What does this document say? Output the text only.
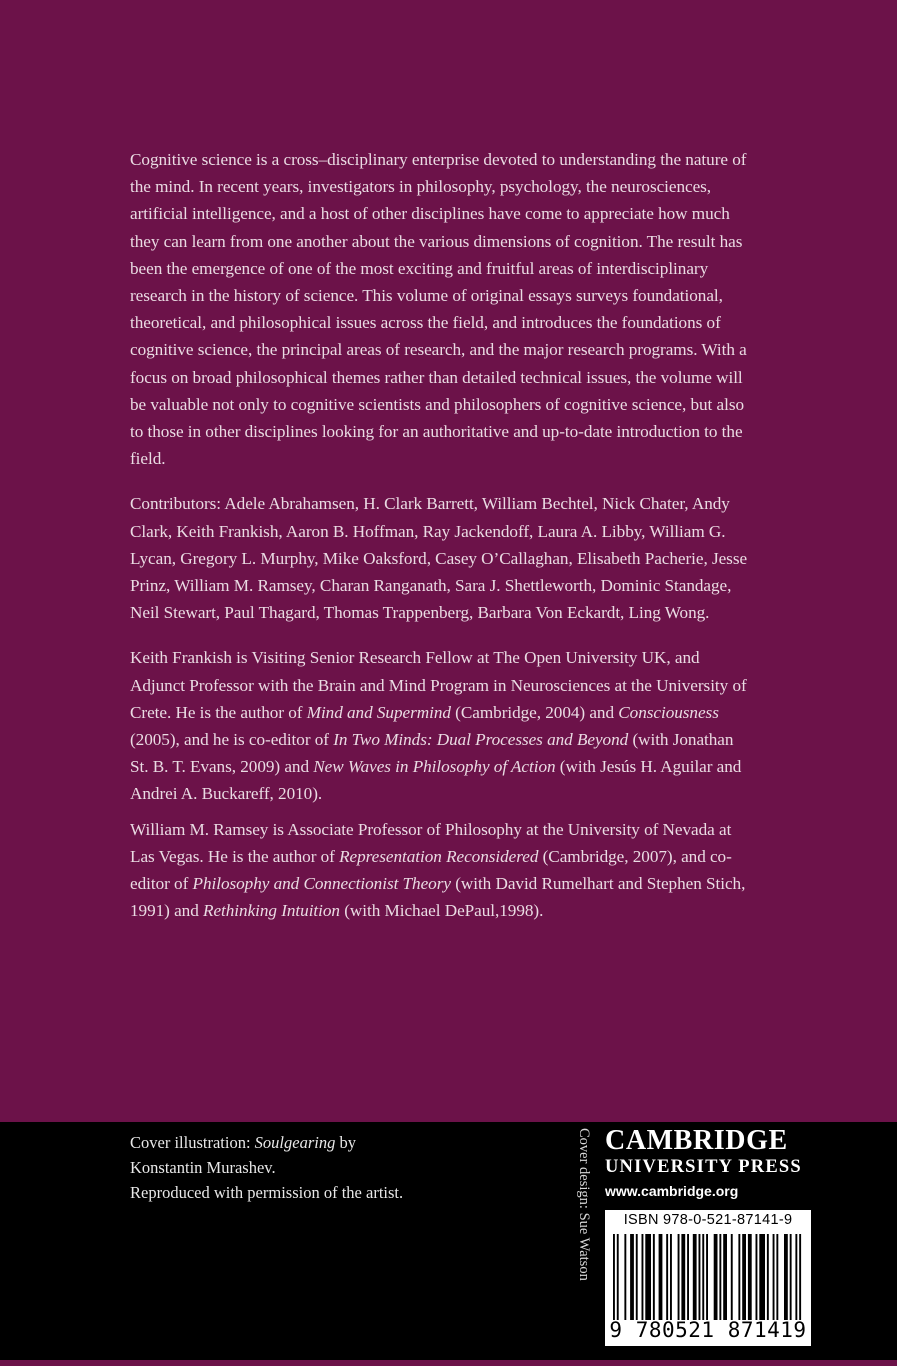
Cognitive science is a cross–disciplinary enterprise devoted to understanding the nature of the mind. In recent years, investigators in philosophy, psychology, the neurosciences, artificial intelligence, and a host of other disciplines have come to appreciate how much they can learn from one another about the various dimensions of cognition. The result has been the emergence of one of the most exciting and fruitful areas of interdisciplinary research in the history of science. This volume of original essays surveys foundational, theoretical, and philosophical issues across the field, and introduces the foundations of cognitive science, the principal areas of research, and the major research programs. With a focus on broad philosophical themes rather than detailed technical issues, the volume will be valuable not only to cognitive scientists and philosophers of cognitive science, but also to those in other disciplines looking for an authoritative and up-to-date introduction to the field.

Contributors: Adele Abrahamsen, H. Clark Barrett, William Bechtel, Nick Chater, Andy Clark, Keith Frankish, Aaron B. Hoffman, Ray Jackendoff, Laura A. Libby, William G. Lycan, Gregory L. Murphy, Mike Oaksford, Casey O’Callaghan, Elisabeth Pacherie, Jesse Prinz, William M. Ramsey, Charan Ranganath, Sara J. Shettleworth, Dominic Standage, Neil Stewart, Paul Thagard, Thomas Trappenberg, Barbara Von Eckardt, Ling Wong.

Keith Frankish is Visiting Senior Research Fellow at The Open University UK, and Adjunct Professor with the Brain and Mind Program in Neurosciences at the University of Crete. He is the author of Mind and Supermind (Cambridge, 2004) and Consciousness (2005), and he is co-editor of In Two Minds: Dual Processes and Beyond (with Jonathan St. B. T. Evans, 2009) and New Waves in Philosophy of Action (with Jesús H. Aguilar and Andrei A. Buckareff, 2010).

William M. Ramsey is Associate Professor of Philosophy at the University of Nevada at Las Vegas. He is the author of Representation Reconsidered (Cambridge, 2007), and co-editor of Philosophy and Connectionist Theory (with David Rumelhart and Stephen Stich, 1991) and Rethinking Intuition (with Michael DePaul,1998).

Cover illustration: Soulgearing by

Konstantin Murashev.

Reproduced with permission of the artist.	Cover design: Sue Watson CAMBRIDGE

UNIVERSITY PRESS

www.cambridge.org

ISBN 978-0-521-87141-9
9 780521 871419 >
